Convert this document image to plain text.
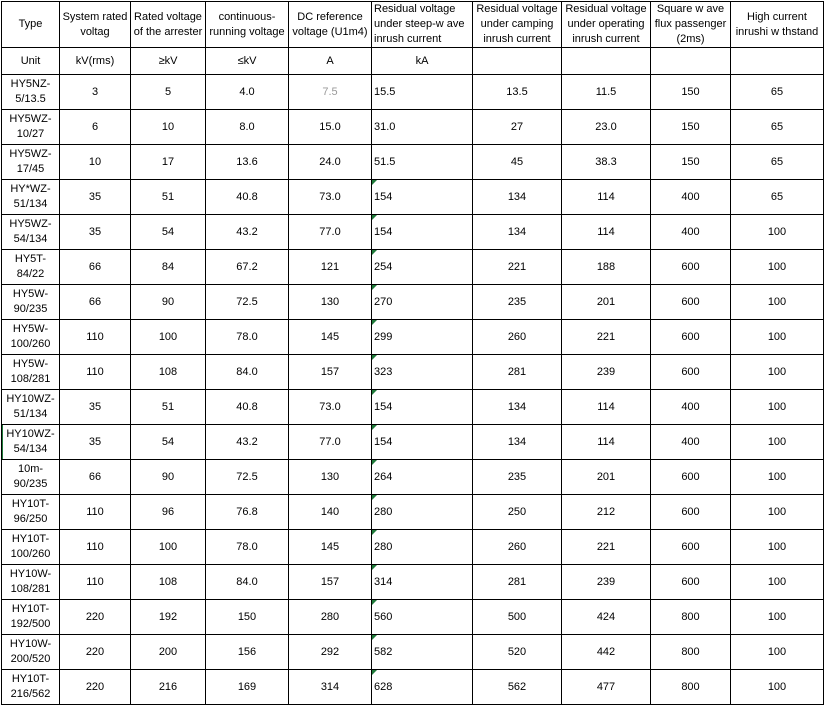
Type	System rated voltag	Rated voltage of the arrester	continuous-running voltage	DC reference voltage (U1m4)	Residual voltage under steep-w ave inrush current	Residual voltage under camping inrush current	Residual voltage under operating inrush current	Square w ave flux passenger (2ms)	High current inrushi w thstand
Unit	kV(rms)	≥kV	≤kV	A	kA				
HY5NZ-5/13.5	3	5	4.0	7.5	15.5	13.5	11.5	150	65
HY5WZ-10/27	6	10	8.0	15.0	31.0	27	23.0	150	65
HY5WZ-17/45	10	17	13.6	24.0	51.5	45	38.3	150	65
HY*WZ-51/134	35	51	40.8	73.0	154	134	114	400	65
HY5WZ-54/134	35	54	43.2	77.0	154	134	114	400	100
HY5T-84/22	66	84	67.2	121	254	221	188	600	100
HY5W-90/235	66	90	72.5	130	270	235	201	600	100
HY5W-100/260	110	100	78.0	145	299	260	221	600	100
HY5W-108/281	110	108	84.0	157	323	281	239	600	100
HY10WZ-51/134	35	51	40.8	73.0	154	134	114	400	100
HY10WZ-54/134	35	54	43.2	77.0	154	134	114	400	100
10m-90/235	66	90	72.5	130	264	235	201	600	100
HY10T-96/250	110	96	76.8	140	280	250	212	600	100
HY10T-100/260	110	100	78.0	145	280	260	221	600	100
HY10W-108/281	110	108	84.0	157	314	281	239	600	100
HY10T-192/500	220	192	150	280	560	500	424	800	100
HY10W-200/520	220	200	156	292	582	520	442	800	100
HY10T-216/562	220	216	169	314	628	562	477	800	100
